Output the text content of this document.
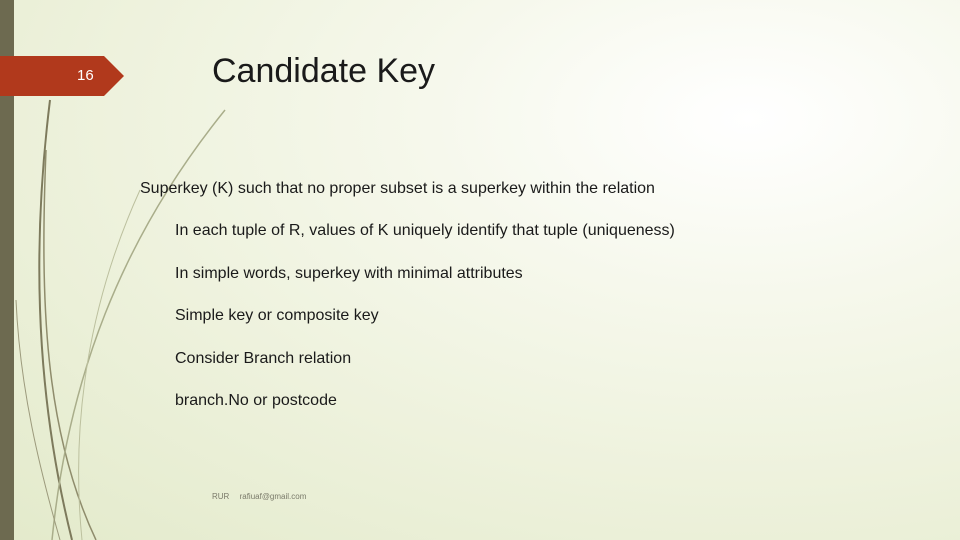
16	Candidate Key
Superkey (K) such that no proper subset is a superkey within the relation
In each tuple of R, values of K uniquely identify that tuple (uniqueness)
In simple words, superkey with minimal attributes
Simple key or composite key
Consider Branch relation
branch.No or postcode
RUR rafiuaf@gmail.com
